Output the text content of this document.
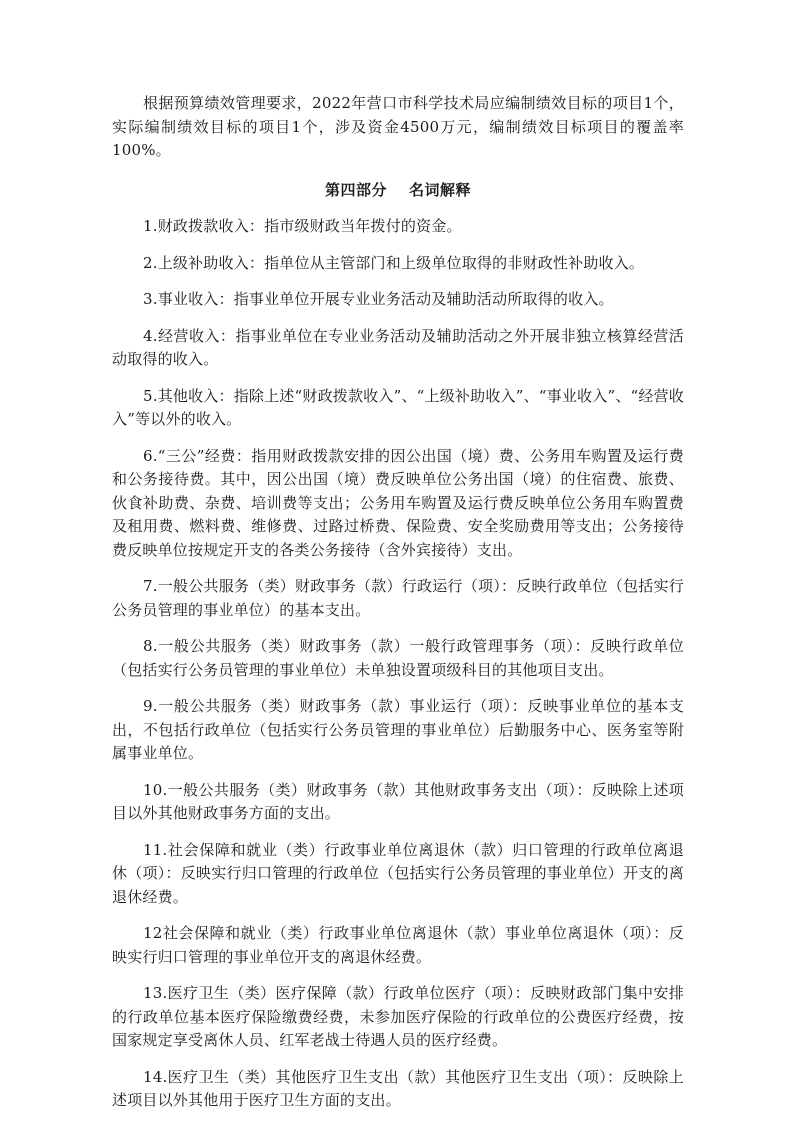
根据预算绩效管理要求，2022年营口市科学技术局应编制绩效目标的项目1个，实际编制绩效目标的项目1个，涉及资金4500万元，编制绩效目标项目的覆盖率100%。

第四部分 名词解释

1.财政拨款收入：指市级财政当年拨付的资金。

2.上级补助收入：指单位从主管部门和上级单位取得的非财政性补助收入。

3.事业收入：指事业单位开展专业业务活动及辅助活动所取得的收入。

4.经营收入：指事业单位在专业业务活动及辅助活动之外开展非独立核算经营活动取得的收入。

5.其他收入：指除上述“财政拨款收入”、“上级补助收入”、“事业收入”、“经营收入”等以外的收入。

6.“三公”经费：指用财政拨款安排的因公出国（境）费、公务用车购置及运行费和公务接待费。其中，因公出国（境）费反映单位公务出国（境）的住宿费、旅费、伙食补助费、杂费、培训费等支出；公务用车购置及运行费反映单位公务用车购置费及租用费、燃料费、维修费、过路过桥费、保险费、安全奖励费用等支出；公务接待费反映单位按规定开支的各类公务接待（含外宾接待）支出。

7.一般公共服务（类）财政事务（款）行政运行（项）：反映行政单位（包括实行公务员管理的事业单位）的基本支出。

8.一般公共服务（类）财政事务（款）一般行政管理事务（项）：反映行政单位（包括实行公务员管理的事业单位）未单独设置项级科目的其他项目支出。

9.一般公共服务（类）财政事务（款）事业运行（项）：反映事业单位的基本支出，不包括行政单位（包括实行公务员管理的事业单位）后勤服务中心、医务室等附属事业单位。

10.一般公共服务（类）财政事务（款）其他财政事务支出（项）：反映除上述项目以外其他财政事务方面的支出。

11.社会保障和就业（类）行政事业单位离退休（款）归口管理的行政单位离退休（项）：反映实行归口管理的行政单位（包括实行公务员管理的事业单位）开支的离退休经费。

12社会保障和就业（类）行政事业单位离退休（款）事业单位离退休（项）：反映实行归口管理的事业单位开支的离退休经费。

13.医疗卫生（类）医疗保障（款）行政单位医疗（项）：反映财政部门集中安排的行政单位基本医疗保险缴费经费，未参加医疗保险的行政单位的公费医疗经费，按国家规定享受离休人员、红军老战士待遇人员的医疗经费。

14.医疗卫生（类）其他医疗卫生支出（款）其他医疗卫生支出（项）：反映除上述项目以外其他用于医疗卫生方面的支出。
